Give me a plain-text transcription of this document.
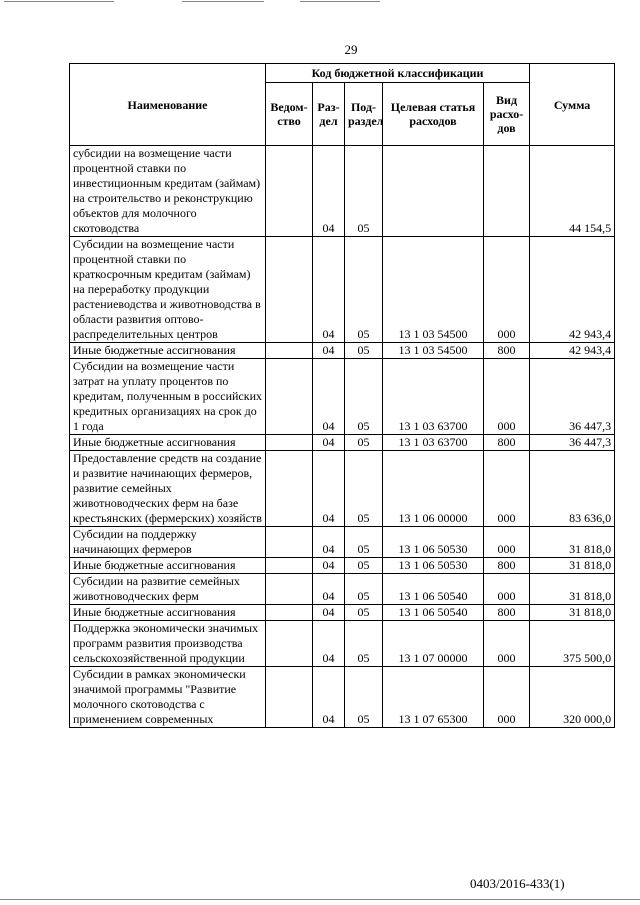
29
Наименование	Код бюджетной классификации					Сумма
	Ведом-ство	Раз-дел	Под-раздел	Целевая статья расходов	Вид расхо-дов	
субсидии на возмещение части процентной ставки по инвестиционным кредитам (займам) на строительство и реконструкцию объектов для молочного скотоводства		04	05			44 154,5
Субсидии на возмещение части процентной ставки по краткосрочным кредитам (займам) на переработку продукции растениеводства и животноводства в области развития оптово-распределительных центров		04	05	13 1 03 54500	000	42 943,4
Иные бюджетные ассигнования		04	05	13 1 03 54500	800	42 943,4
Субсидии на возмещение части затрат на уплату процентов по кредитам, полученным в российских кредитных организациях на срок до 1 года		04	05	13 1 03 63700	000	36 447,3
Иные бюджетные ассигнования		04	05	13 1 03 63700	800	36 447,3
Предоставление средств на создание и развитие начинающих фермеров, развитие семейных животноводческих ферм на базе крестьянских (фермерских) хозяйств		04	05	13 1 06 00000	000	83 636,0
Субсидии на поддержку начинающих фермеров		04	05	13 1 06 50530	000	31 818,0
Иные бюджетные ассигнования		04	05	13 1 06 50530	800	31 818,0
Субсидии на развитие семейных животноводческих ферм		04	05	13 1 06 50540	000	31 818,0
Иные бюджетные ассигнования		04	05	13 1 06 50540	800	31 818,0
Поддержка экономически значимых программ развития производства сельскохозяйственной продукции		04	05	13 1 07 00000	000	375 500,0
Субсидии в рамках экономически значимой программы "Развитие молочного скотоводства с применением современных		04	05	13 1 07 65300	000	320 000,0
0403/2016-433(1)
